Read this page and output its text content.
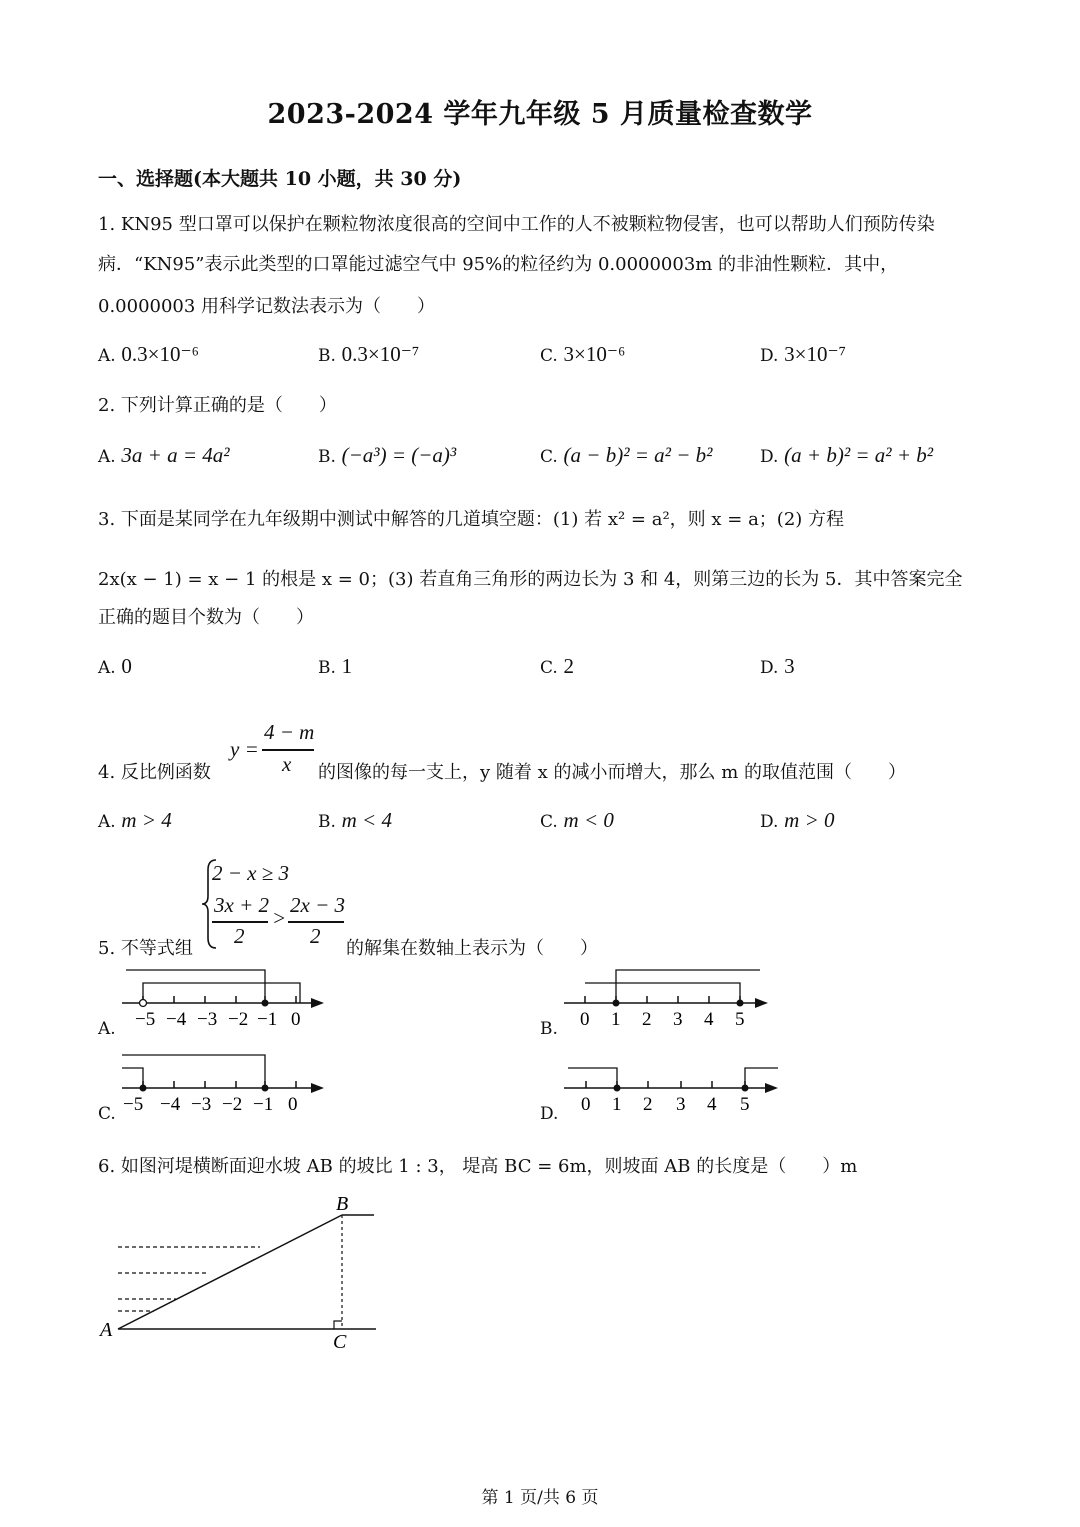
2023-2024 学年九年级 5 月质量检查数学
一、选择题(本大题共 10 小题，共 30 分)
1. KN95 型口罩可以保护在颗粒物浓度很高的空间中工作的人不被颗粒物侵害，也可以帮助人们预防传染
病．“KN95”表示此类型的口罩能过滤空气中 95%的粒径约为 0.0000003m 的非油性颗粒．其中，
0.0000003 用科学记数法表示为（　　）
A. 0.3×10⁻⁶	B. 0.3×10⁻⁷	C. 3×10⁻⁶	D. 3×10⁻⁷
2. 下列计算正确的是（　　）
A. 3a + a = 4a²	B. (−a³) = (−a)³	C. (a − b)² = a² − b²	D. (a + b)² = a² + b²
3. 下面是某同学在九年级期中测试中解答的几道填空题：(1) 若 x² = a²，则 x = a；(2) 方程
2x(x − 1) = x − 1 的根是 x = 0；(3) 若直角三角形的两边长为 3 和 4，则第三边的长为 5．其中答案完全
正确的题目个数为（　　）
A. 0	B. 1	C. 2	D. 3
4. 反比例函数
y =
4 − m
x 的图像的每一支上，y 随着 x 的减小而增大，那么 m 的取值范围（　　）
A. m > 4	B. m < 4	C. m < 0	D. m > 0
5. 不等式组
2 − x ≥ 3
3x + 2
2
>
2x − 3
2
的解集在数轴上表示为（　　）
A. −5 −4 −3 −2 −1 0	B. 0 1 2 3 4 5
C. −5 −4 −3 −2 −1 0	D. 0 1 2 3 4 5
6. 如图河堤横断面迎水坡 AB 的坡比 1 : 3， 堤高 BC = 6m，则坡面 AB 的长度是（　　）m
A
B
C
第 1 页/共 6 页
